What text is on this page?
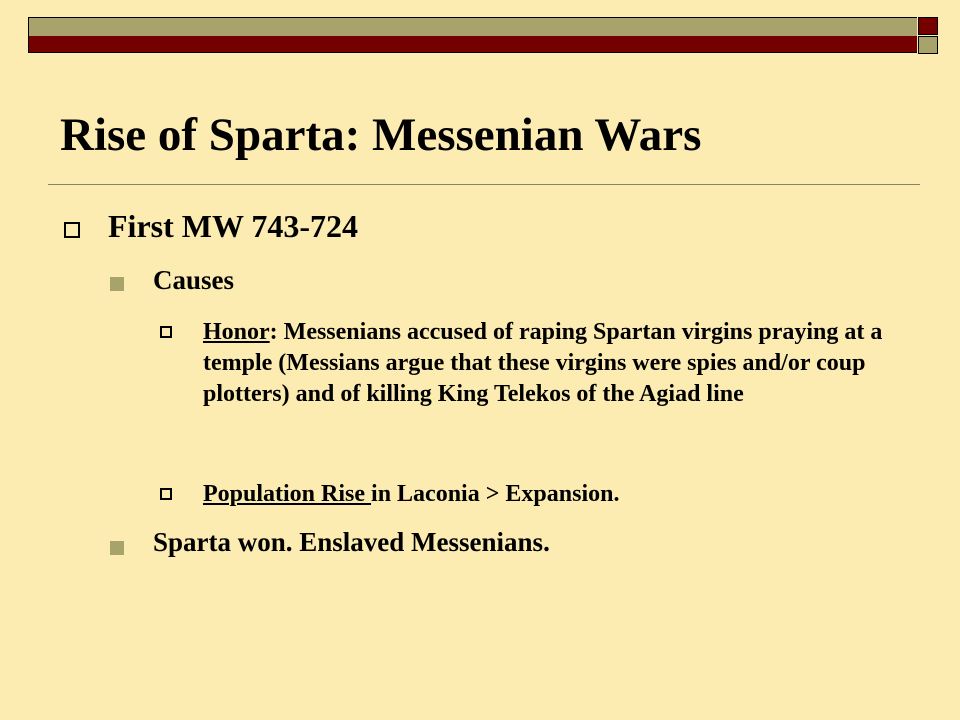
Rise of Sparta: Messenian Wars

First MW 743-724

Causes

Honor: Messenians accused of raping Spartan virgins praying at a temple (Messians argue that these virgins were spies and/or coup plotters) and of killing King Telekos of the Agiad line

Population Rise in Laconia > Expansion.

Sparta won. Enslaved Messenians.
